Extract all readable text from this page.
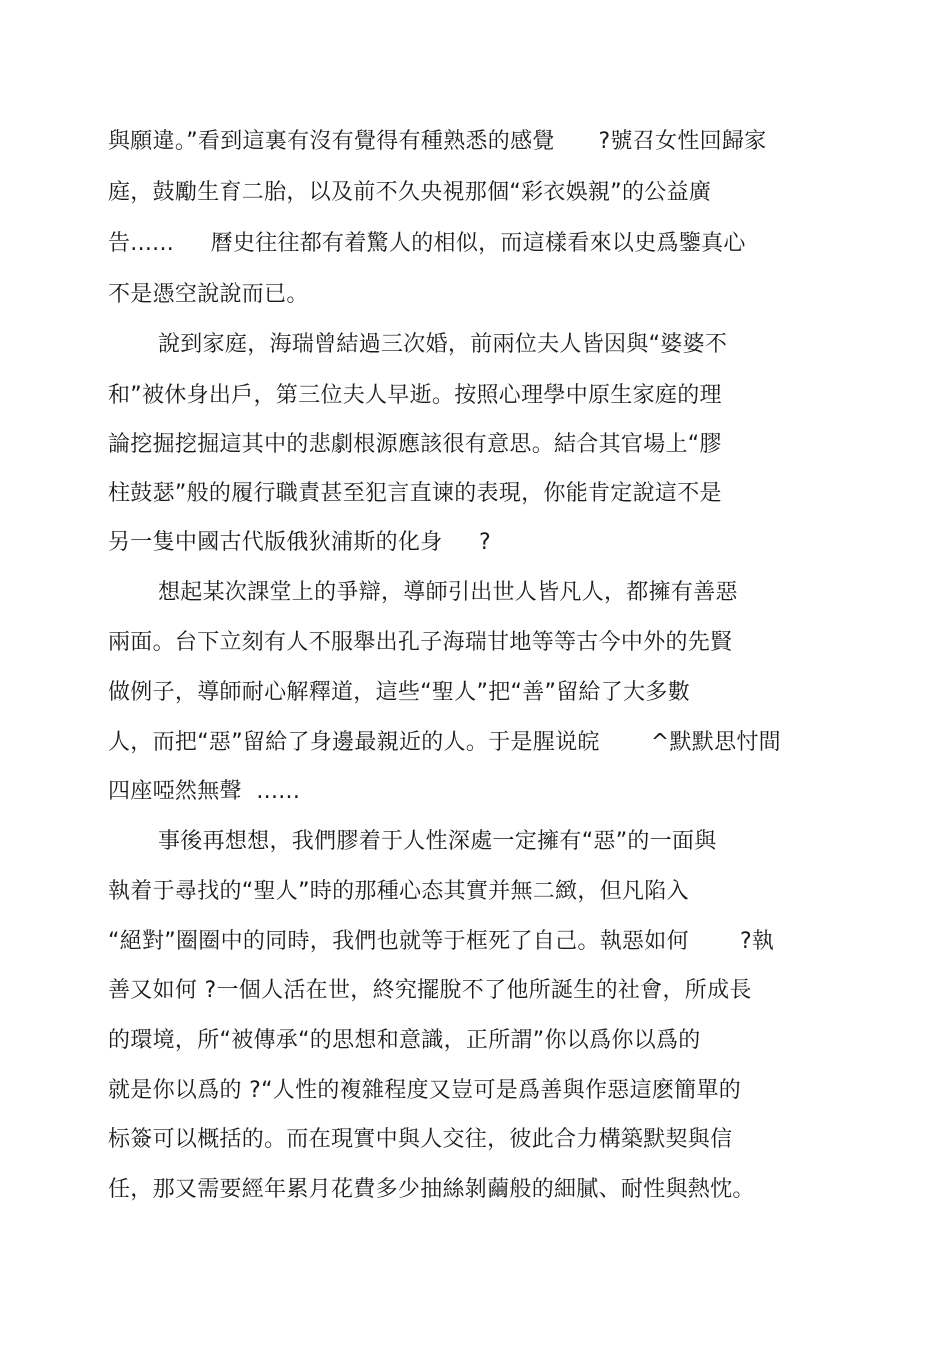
與願違。”看到這裏有沒有覺得有種熟悉的感覺      ?號召女性回歸家
庭，鼓勵生育二胎，以及前不久央視那個“彩衣娛親”的公益廣
告......     曆史往往都有着驚人的相似，而這樣看來以史爲鑒真心
不是憑空說說而已。
說到家庭，海瑞曾結過三次婚，前兩位夫人皆因與“婆婆不
和”被休身出戶，第三位夫人早逝。按照心理學中原生家庭的理
論挖掘挖掘這其中的悲劇根源應該很有意思。結合其官場上“膠
柱鼓瑟”般的履行職責甚至犯言直谏的表現，你能肯定說這不是
另一隻中國古代版俄狄浦斯的化身     ?
想起某次課堂上的爭辯，導師引出世人皆凡人，都擁有善惡
兩面。台下立刻有人不服舉出孔子海瑞甘地等等古今中外的先賢
做例子，導師耐心解釋道，這些“聖人”把“善”留給了大多數
人，而把“惡”留給了身邊最親近的人。于是腥说皖       ^默默思忖間
四座啞然無聲  ......
事後再想想，我們膠着于人性深處一定擁有“惡”的一面與
執着于尋找的“聖人”時的那種心态其實并無二緻，但凡陷入
“絕對”圈圈中的同時，我們也就等于框死了自己。執惡如何       ?執
善又如何 ?一個人活在世，終究擺脫不了他所誕生的社會，所成長
的環境，所“被傳承“的思想和意識，正所謂”你以爲你以爲的
就是你以爲的 ?“人性的複雜程度又豈可是爲善與作惡這麽簡單的
标簽可以概括的。而在現實中與人交往，彼此合力構築默契與信
任，那又需要經年累月花費多少抽絲剝繭般的細膩、耐性與熱忱。
